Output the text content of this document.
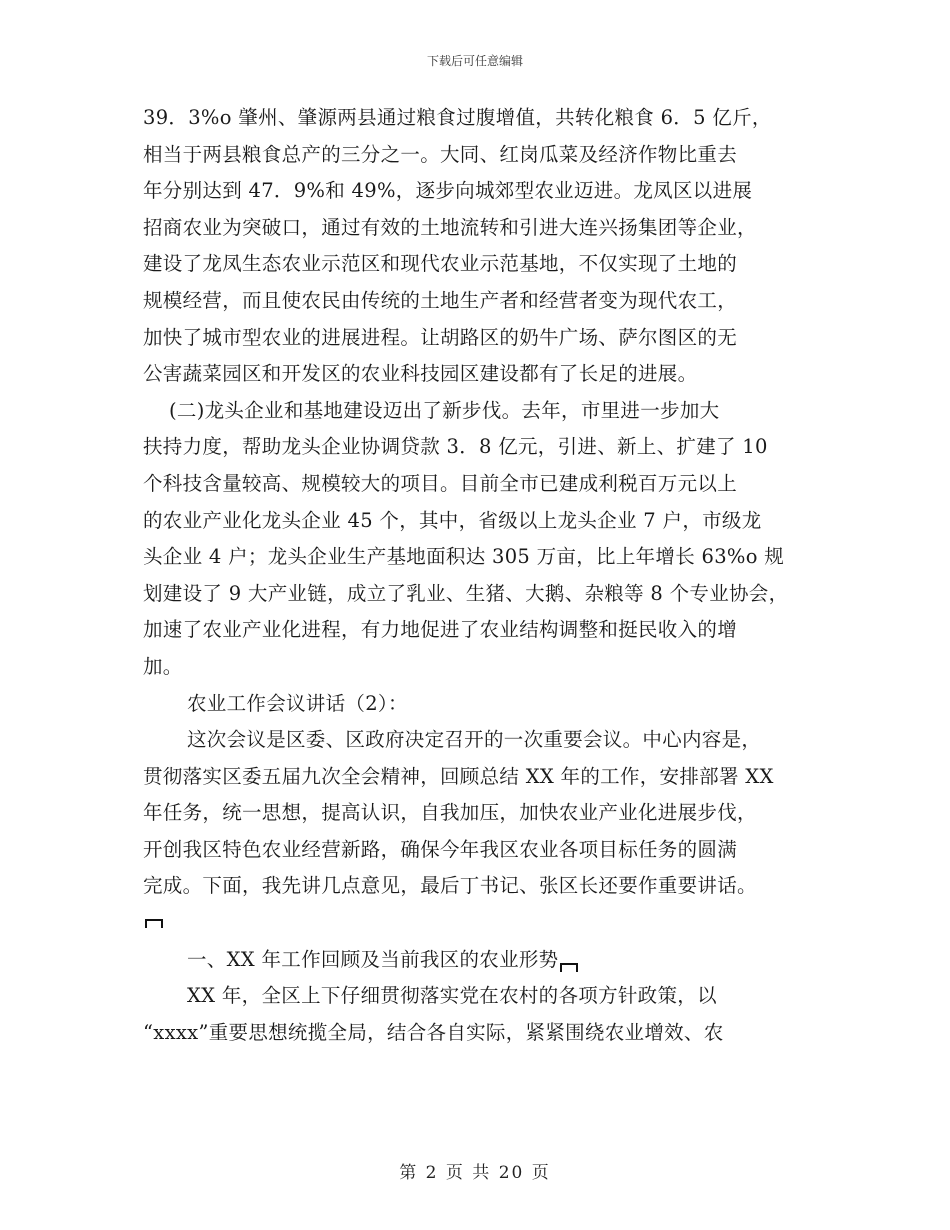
下载后可任意编辑
39．3%o 肇州、肇源两县通过粮食过腹增值，共转化粮食 6．5 亿斤，
相当于两县粮食总产的三分之一。大同、红岗瓜菜及经济作物比重去
年分别达到 47．9%和 49%，逐步向城郊型农业迈进。龙凤区以进展
招商农业为突破口，通过有效的土地流转和引进大连兴扬集团等企业，
建设了龙凤生态农业示范区和现代农业示范基地，不仅实现了土地的
规模经营，而且使农民由传统的土地生产者和经营者变为现代农工，
加快了城市型农业的进展进程。让胡路区的奶牛广场、萨尔图区的无
公害蔬菜园区和开发区的农业科技园区建设都有了长足的进展。
(二)龙头企业和基地建设迈出了新步伐。去年，市里进一步加大
扶持力度，帮助龙头企业协调贷款 3．8 亿元，引进、新上、扩建了 10
个科技含量较高、规模较大的项目。目前全市已建成利税百万元以上
的农业产业化龙头企业 45 个，其中，省级以上龙头企业 7 户，市级龙
头企业 4 户；龙头企业生产基地面积达 305 万亩，比上年增长 63%o 规
划建设了 9 大产业链，成立了乳业、生猪、大鹅、杂粮等 8 个专业协会，
加速了农业产业化进程，有力地促进了农业结构调整和挺民收入的增
加。
农业工作会议讲话（2）：
这次会议是区委、区政府决定召开的一次重要会议。中心内容是，
贯彻落实区委五届九次全会精神，回顾总结 XX 年的工作，安排部署 XX
年任务，统一思想，提高认识，自我加压，加快农业产业化进展步伐，
开创我区特色农业经营新路，确保今年我区农业各项目标任务的圆满
完成。下面，我先讲几点意见，最后丁书记、张区长还要作重要讲话。
一、XX 年工作回顾及当前我区的农业形势
XX 年，全区上下仔细贯彻落实党在农村的各项方针政策，以
“xxxx”重要思想统揽全局，结合各自实际，紧紧围绕农业增效、农
第 2 页 共 20 页
